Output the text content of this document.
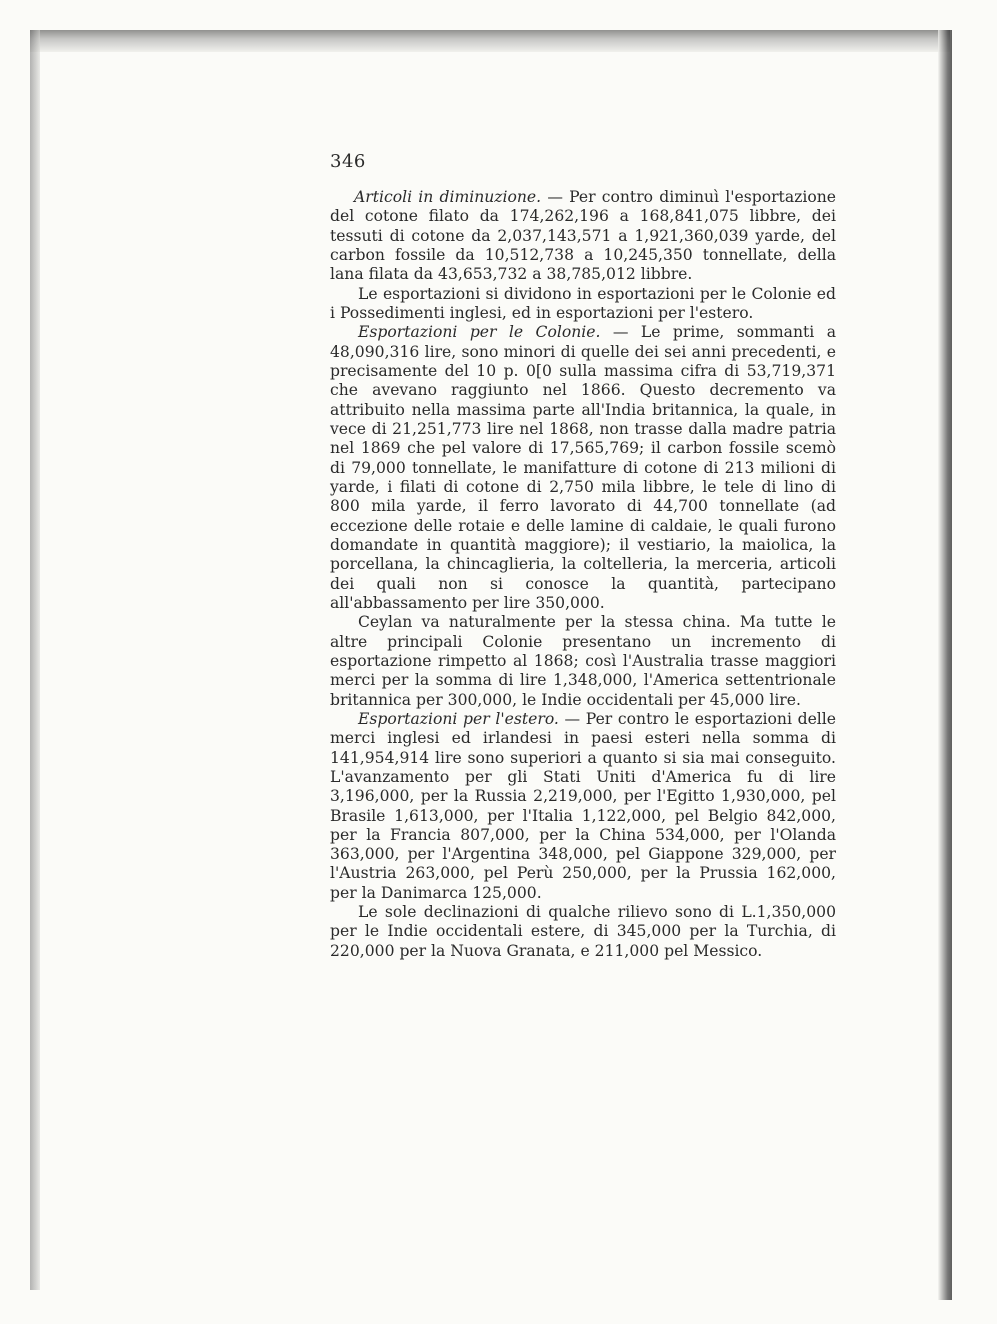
346

Articoli in diminuzione. — Per contro diminuì l'esportazione del cotone filato da 174,262,196 a 168,841,075 libbre, dei tessuti di cotone da 2,037,143,571 a 1,921,360,039 yarde, del carbon fossile da 10,512,738 a 10,245,350 tonnellate, della lana filata da 43,653,732 a 38,785,012 libbre.

Le esportazioni si dividono in esportazioni per le Colonie ed i Possedimenti inglesi, ed in esportazioni per l'estero.

Esportazioni per le Colonie. — Le prime, sommanti a 48,090,316 lire, sono minori di quelle dei sei anni precedenti, e precisamente del 10 p. 0[0 sulla massima cifra di 53,719,371 che avevano raggiunto nel 1866. Questo decremento va attribuito nella massima parte all'India britannica, la quale, in vece di 21,251,773 lire nel 1868, non trasse dalla madre patria nel 1869 che pel valore di 17,565,769; il carbon fossile scemò di 79,000 tonnellate, le manifatture di cotone di 213 milioni di yarde, i filati di cotone di 2,750 mila libbre, le tele di lino di 800 mila yarde, il ferro lavorato di 44,700 tonnellate (ad eccezione delle rotaie e delle lamine di caldaie, le quali furono domandate in quantità maggiore); il vestiario, la maiolica, la porcellana, la chincaglieria, la coltelleria, la merceria, articoli dei quali non si conosce la quantità, partecipano all'abbassamento per lire 350,000.

Ceylan va naturalmente per la stessa china. Ma tutte le altre principali Colonie presentano un incremento di esportazione rimpetto al 1868; così l'Australia trasse maggiori merci per la somma di lire 1,348,000, l'America settentrionale britannica per 300,000, le Indie occidentali per 45,000 lire.

Esportazioni per l'estero. — Per contro le esportazioni delle merci inglesi ed irlandesi in paesi esteri nella somma di 141,954,914 lire sono superiori a quanto si sia mai conseguito. L'avanzamento per gli Stati Uniti d'America fu di lire 3,196,000, per la Russia 2,219,000, per l'Egitto 1,930,000, pel Brasile 1,613,000, per l'Italia 1,122,000, pel Belgio 842,000, per la Francia 807,000, per la China 534,000, per l'Olanda 363,000, per l'Argentina 348,000, pel Giappone 329,000, per l'Austria 263,000, pel Perù 250,000, per la Prussia 162,000, per la Danimarca 125,000.

Le sole declinazioni di qualche rilievo sono di L.1,350,000 per le Indie occidentali estere, di 345,000 per la Turchia, di 220,000 per la Nuova Granata, e 211,000 pel Messico.
